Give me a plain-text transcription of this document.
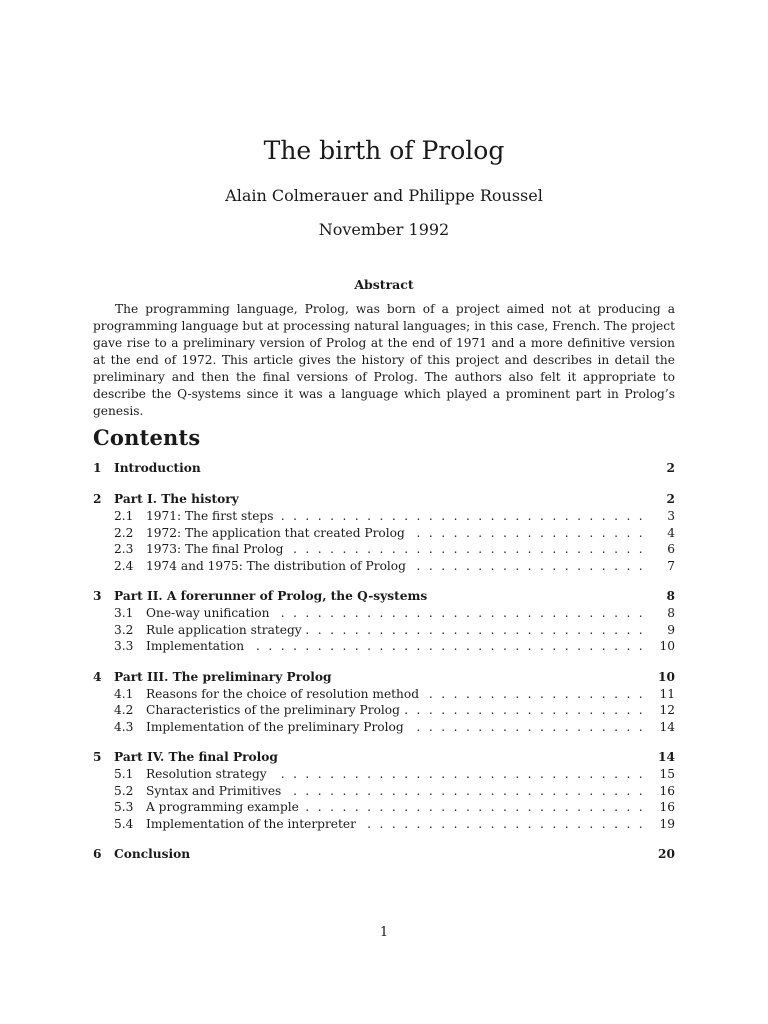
The birth of Prolog
Alain Colmerauer and Philippe Roussel
November 1992
Abstract

The programming language, Prolog, was born of a project aimed not at producing a programming language but at processing natural languages; in this case, French. The project gave rise to a preliminary version of Prolog at the end of 1971 and a more definitive version at the end of 1972. This article gives the history of this project and describes in detail the preliminary and then the final versions of Prolog. The authors also felt it appropriate to describe the Q-systems since it was a language which played a prominent part in Prolog’s genesis.

Contents
1 Introduction	2
2 Part I. The history	2
2.1 1971: The first steps . . .	3
2.2 1972: The application that created Prolog . . .	4
2.3 1973: The final Prolog . . .	6
2.4 1974 and 1975: The distribution of Prolog . . .	7
3 Part II. A forerunner of Prolog, the Q-systems	8
3.1 One-way unification . . .	8
3.2 Rule application strategy . . .	9
3.3 Implementation . . .	10
4 Part III. The preliminary Prolog	10
4.1 Reasons for the choice of resolution method . . .	11
4.2 Characteristics of the preliminary Prolog . . .	12
4.3 Implementation of the preliminary Prolog . . .	14
5 Part IV. The final Prolog	14
5.1 Resolution strategy . . .	15
5.2 Syntax and Primitives . . .	16
5.3 A programming example . . .	16
5.4 Implementation of the interpreter . . .	19
6 Conclusion	20
1
